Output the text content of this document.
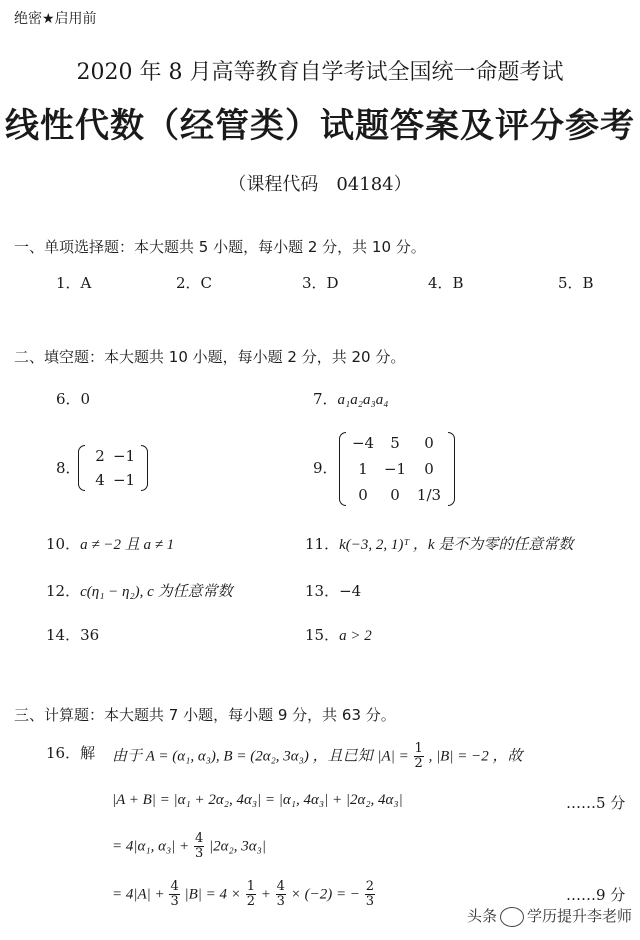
绝密★启用前
2020 年 8 月高等教育自学考试全国统一命题考试
线性代数（经管类）试题答案及评分参考
（课程代码　04184）
一、单项选择题：本大题共 5 小题，每小题 2 分，共 10 分。
1．A	2．C	3．D	4．B	5．B
二、填空题：本大题共 10 小题，每小题 2 分，共 20 分。
6．0	7．a₁a₂a₃a₄
8．
2 −1
4 −1
9．
−4	5	0
1	−1	0
0	0	1/3
10．a ≠ −2 且 a ≠ 1	11．k(−3, 2, 1)ᵀ ，k 是不为零的任意常数
12．c(η₁ − η₂), c 为任意常数	13．−4
14．36	15．a > 2
三、计算题：本大题共 7 小题，每小题 9 分，共 63 分。
16．解 由于 A = (α₁, α₃), B = (2α₂, 3α₃) ，且已知 $|A| = \frac{1}{2}$ , |B| = −2 ，故
|A + B| = |α₁ + 2α₂, 4α₃| = |α₁, 4α₃| + |2α₂, 4α₃|	……5 分
= 4|α₁, $\alpha_3| + \frac{4}{3} |2\alpha_2$, 3α₃|
= $4|A| + \frac{4}{3} |B| = 4 \times \frac{1}{2} + \frac{4}{3} \times (-2)$ = − $\frac{2}{3}$	……9 分
头条 学历提升李老师
